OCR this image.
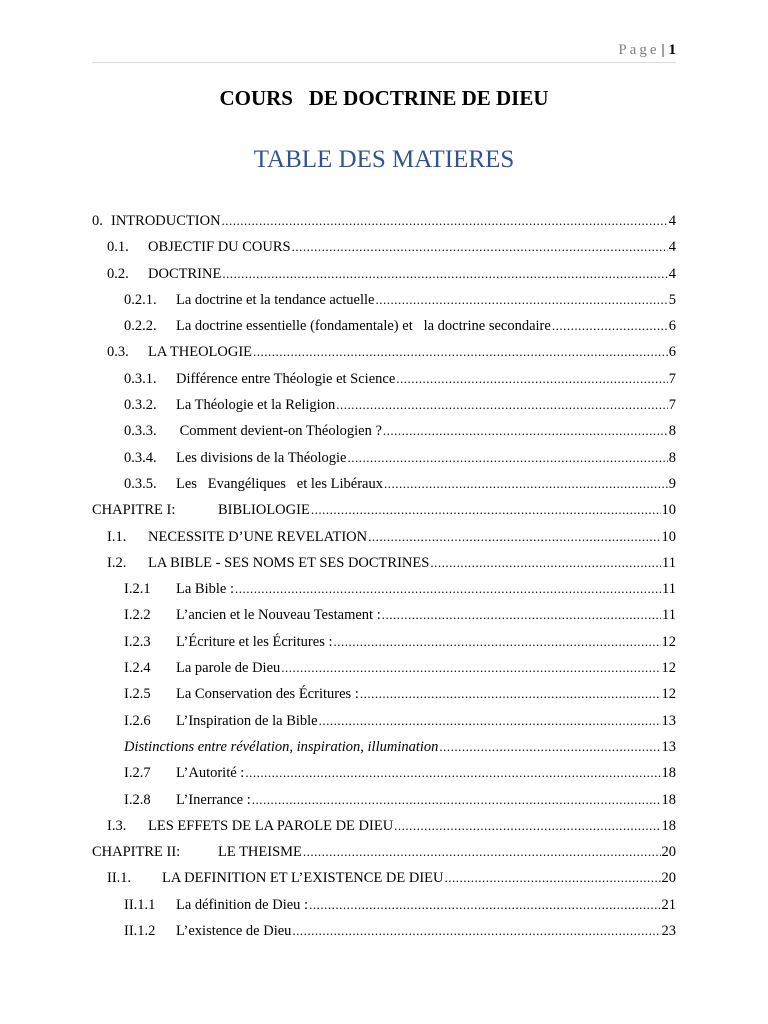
Page | 1
COURS   DE DOCTRINE DE DIEU
TABLE DES MATIERES
0. INTRODUCTION .....	4
0.1.	OBJECTIF DU COURS .....	4
0.2.	DOCTRINE .....	4
0.2.1.	La doctrine et la tendance actuelle .....	5
0.2.2.	La doctrine essentielle (fondamentale) et   la doctrine secondaire .....	6
0.3.	LA THEOLOGIE .....	6
0.3.1.	Différence entre Théologie et Science .....	7
0.3.2.	La Théologie et la Religion .....	7
0.3.3.	Comment devient-on Théologien ? .....	8
0.3.4.	Les divisions de la Théologie .....	8
0.3.5.	Les   Evangéliques   et les Libéraux .....	9
CHAPITRE I:	BIBLIOLOGIE .....	10
I.1.	NECESSITE D’UNE REVELATION .....	10
I.2.	LA BIBLE - SES NOMS ET SES DOCTRINES .....	11
I.2.1	La Bible : .....	11
I.2.2	L’ancien et le Nouveau Testament : .....	11
I.2.3	L’Écriture et les Écritures : .....	12
I.2.4	La parole de Dieu .....	12
I.2.5	La Conservation des Écritures : .....	12
I.2.6	L’Inspiration de la Bible .....	13
Distinctions entre révélation, inspiration, illumination .....	13
I.2.7	L’Autorité : .....	18
I.2.8	L’Inerrance : .....	18
I.3.	LES EFFETS DE LA PAROLE DE DIEU .....	18
CHAPITRE II:	LE THEISME .....	20
II.1.	LA DEFINITION ET L’EXISTENCE DE DIEU .....	20
II.1.1	La définition de Dieu : .....	21
II.1.2	L’existence de Dieu .....	23
